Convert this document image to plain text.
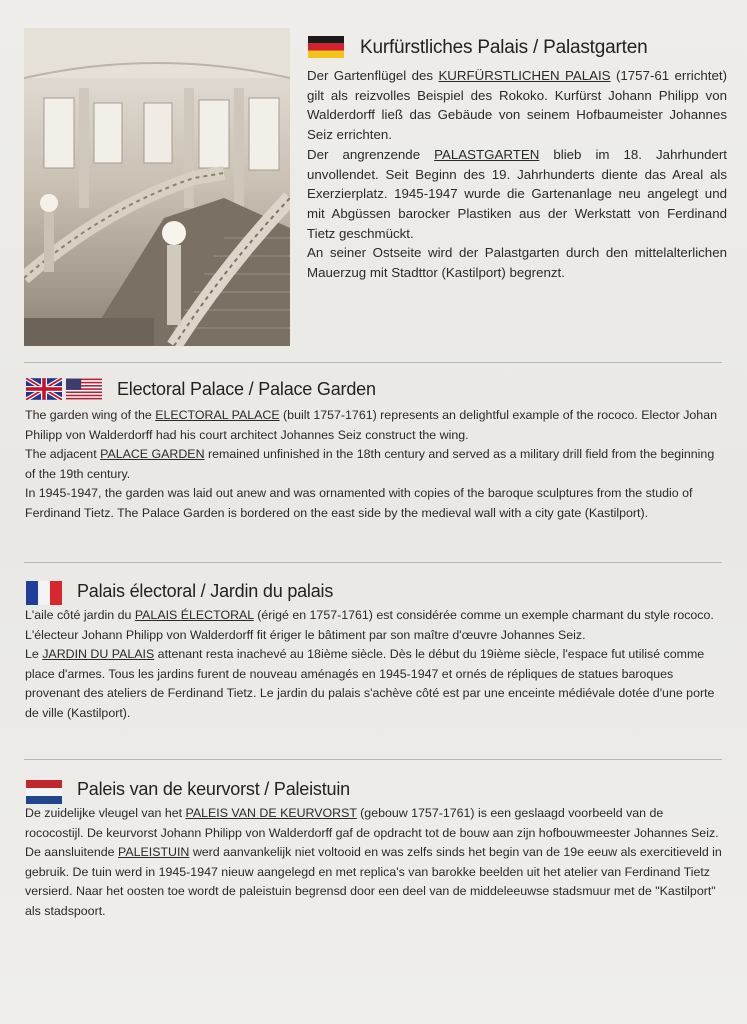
Kurfürstliches Palais / Palastgarten

Der Gartenflügel des KURFÜRSTLICHEN PALAIS (1757-61 errichtet) gilt als reizvolles Beispiel des Rokoko. Kurfürst Johann Philipp von Walderdorff ließ das Gebäude von seinem Hofbaumeister Johannes Seiz errichten.

Der angrenzende PALASTGARTEN blieb im 18. Jahrhundert unvollendet. Seit Beginn des 19. Jahrhunderts diente das Areal als Exerzierplatz. 1945-1947 wurde die Gartenanlage neu angelegt und mit Abgüssen barocker Plastiken aus der Werkstatt von Ferdinand Tietz geschmückt.

An seiner Ostseite wird der Palastgarten durch den mittelalterlichen Mauerzug mit Stadttor (Kastilport) begrenzt.

Electoral Palace / Palace Garden

The garden wing of the ELECTORAL PALACE (built 1757-1761) represents an delightful example of the rococo. Elector Johan Philipp von Walderdorff had his court architect Johannes Seiz construct the wing.

The adjacent PALACE GARDEN remained unfinished in the 18th century and served as a military drill field from the beginning of the 19th century.

In 1945-1947, the garden was laid out anew and was ornamented with copies of the baroque sculptures from the studio of Ferdinand Tietz. The Palace Garden is bordered on the east side by the medieval wall with a city gate (Kastilport).

Palais électoral / Jardin du palais

L'aile côté jardin du PALAIS ÉLECTORAL (érigé en 1757-1761) est considérée comme un exemple charmant du style rococo. L'électeur Johann Philipp von Walderdorff fit ériger le bâtiment par son maître d'œuvre Johannes Seiz.

Le JARDIN DU PALAIS attenant resta inachevé au 18ième siècle. Dès le début du 19ième siècle, l'espace fut utilisé comme place d'armes. Tous les jardins furent de nouveau aménagés en 1945-1947 et ornés de répliques de statues baroques provenant des ateliers de Ferdinand Tietz. Le jardin du palais s'achève côté est par une enceinte médiévale dotée d'une porte de ville (Kastilport).

Paleis van de keurvorst / Paleistuin

De zuidelijke vleugel van het PALEIS VAN DE KEURVORST (gebouw 1757-1761) is een geslaagd voorbeeld van de rococostijl. De keurvorst Johann Philipp von Walderdorff gaf de opdracht tot de bouw aan zijn hofbouwmeester Johannes Seiz.

De aansluitende PALEISTUIN werd aanvankelijk niet voltooid en was zelfs sinds het begin van de 19e eeuw als exercitieveld in gebruik. De tuin werd in 1945-1947 nieuw aangelegd en met replica's van barokke beelden uit het atelier van Ferdinand Tietz versierd. Naar het oosten toe wordt de paleistuin begrensd door een deel van de middeleeuwse stadsmuur met de "Kastilport" als stadspoort.
